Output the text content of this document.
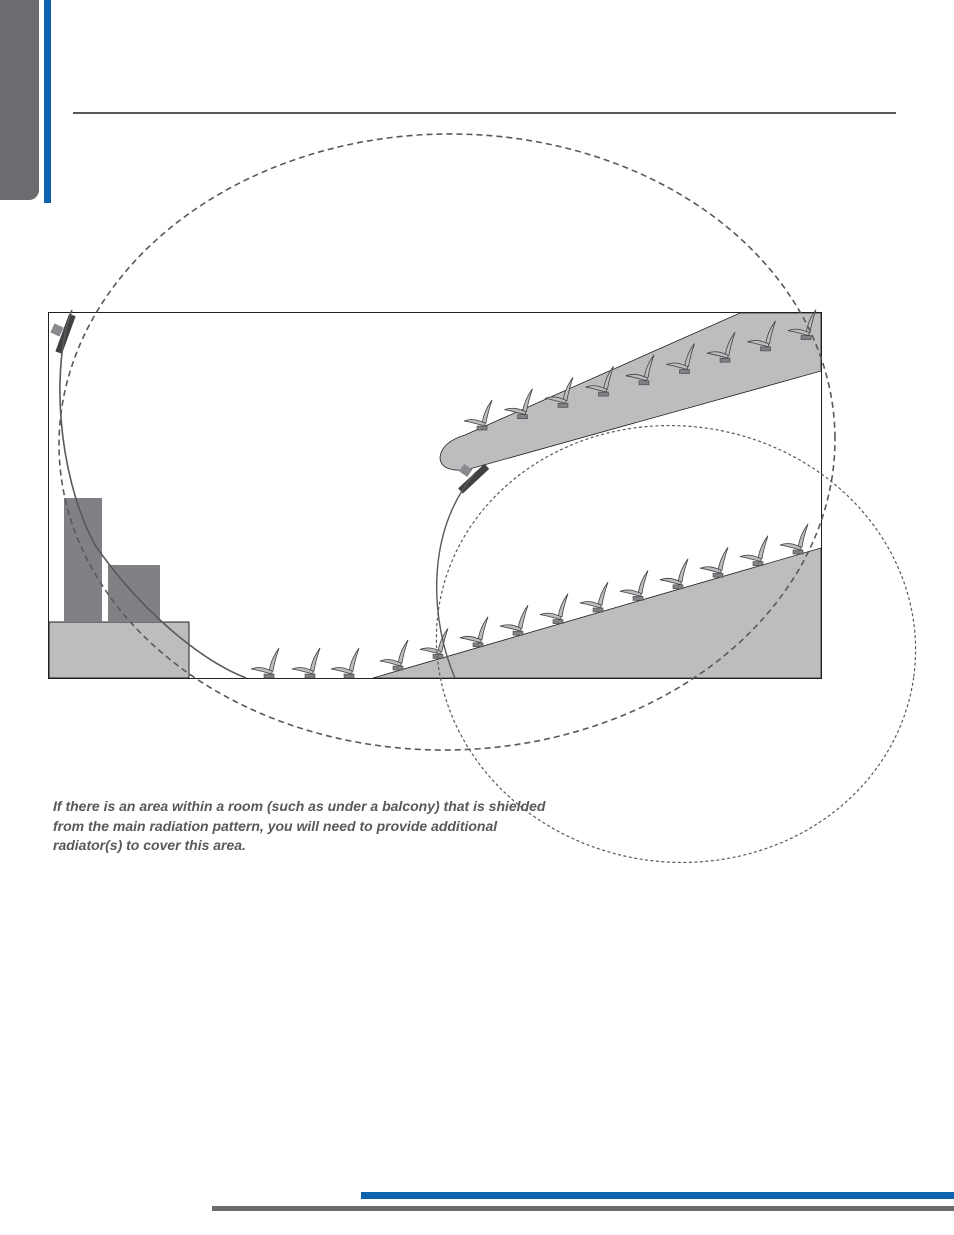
If there is an area within a room (such as under a balcony) that is shielded
from the main radiation pattern, you will need to provide additional
radiator(s) to cover this area.
